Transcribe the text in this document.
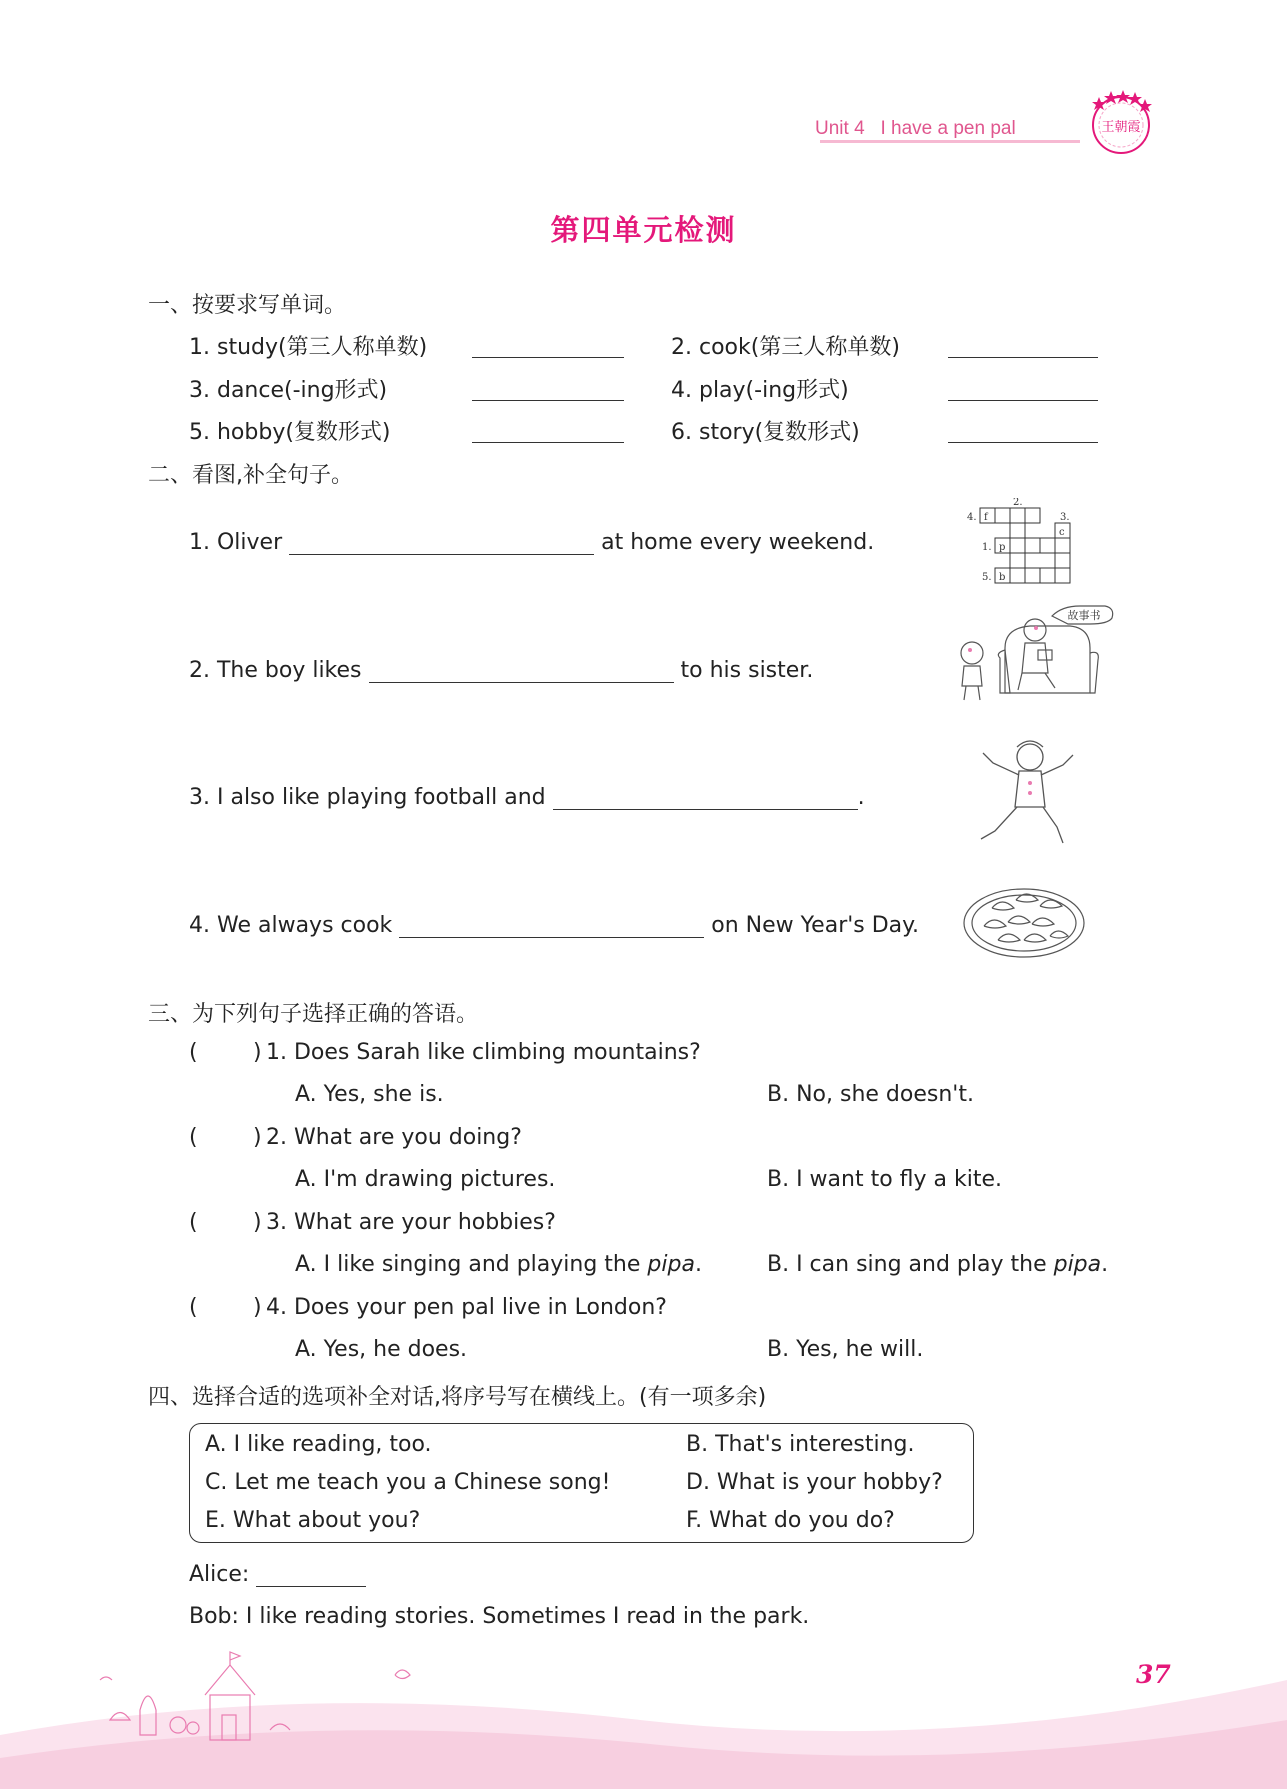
Unit 4 I have a pen pal	王朝霞
第四单元检测
一、按要求写单词。
1. study(第三人称单数)	2. cook(第三人称单数)
3. dance(-ing形式)	4. play(-ing形式)
5. hobby(复数形式)	6. story(复数形式)
二、看图,补全句子。
1. Oliver	at home every weekend.
2. The boy likes	to his sister.
3. I also like playing football and	.
4. We always cook	on New Year's Day.
4. f
2.
3.
c
1. p
5. b
故事书
三、为下列句子选择正确的答语。
(	) 1. Does Sarah like climbing mountains?
A. Yes, she is.	B. No, she doesn't.
(	) 2. What are you doing?
A. I'm drawing pictures.	B. I want to fly a kite.
(	) 3. What are your hobbies?
A. I like singing and playing the pipa.	B. I can sing and play the pipa.
(	) 4. Does your pen pal live in London?
A. Yes, he does.	B. Yes, he will.
四、选择合适的选项补全对话,将序号写在横线上。(有一项多余)
A. I like reading, too.	B. That's interesting.
C. Let me teach you a Chinese song!	D. What is your hobby?
E. What about you?	F. What do you do?
Alice:
Bob: I like reading stories. Sometimes I read in the park.
37
